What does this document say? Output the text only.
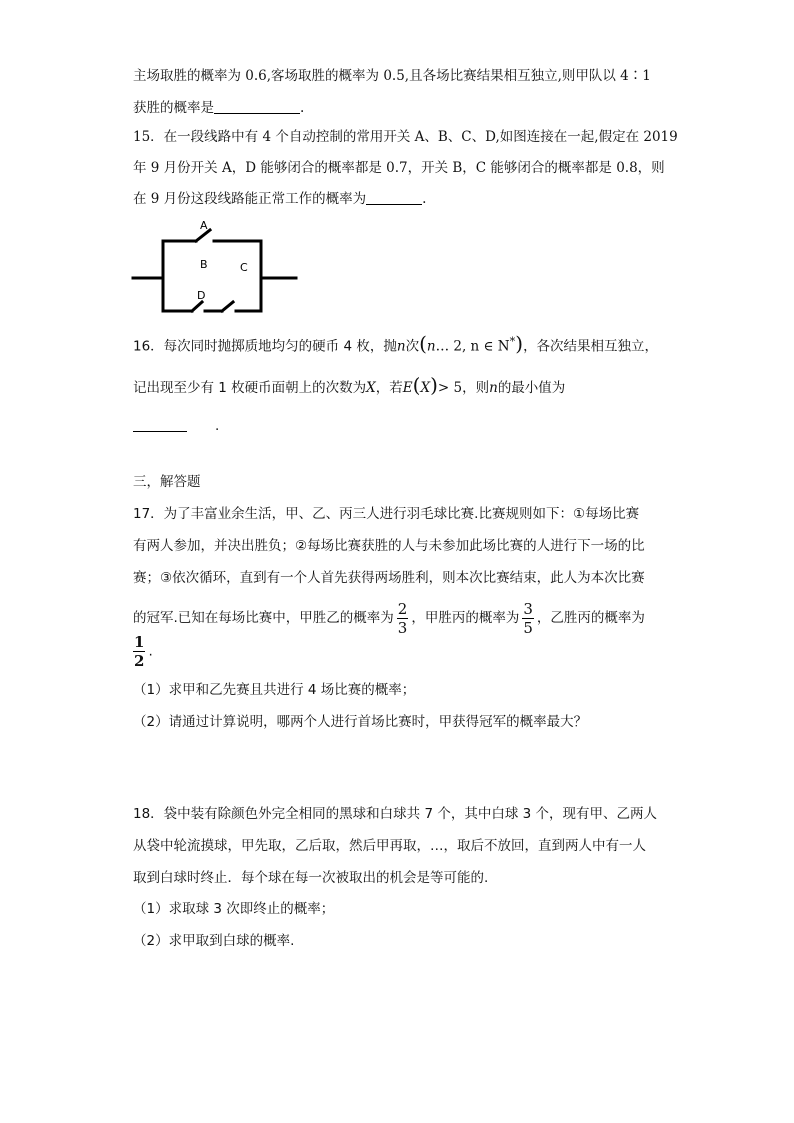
主场取胜的概率为 0.6,客场取胜的概率为 0.5,且各场比赛结果相互独立,则甲队以 4∶1
获胜的概率是	.
15．在一段线路中有 4 个自动控制的常用开关 A、B、C、D,如图连接在一起,假定在 2019
年 9 月份开关 A，D 能够闭合的概率都是 0.7，开关 B，C 能够闭合的概率都是 0.8，则
在 9 月份这段线路能正常工作的概率为	.
A
B	C
D
16．每次同时抛掷质地均匀的硬币 4 枚，抛n次(n… 2, n ∈ N*)，各次结果相互独立，
记出现至少有 1 枚硬币面朝上的次数为X，若E(X)> 5，则n的最小值为
.
三，解答题
17．为了丰富业余生活，甲、乙、丙三人进行羽毛球比赛.比赛规则如下：①每场比赛
有两人参加，并决出胜负；②每场比赛获胜的人与未参加此场比赛的人进行下一场的比
赛；③依次循环，直到有一个人首先获得两场胜利，则本次比赛结束，此人为本次比赛
的冠军.已知在每场比赛中，甲胜乙的概率为 $\frac{2}{3}$ ，甲胜丙的概率为 $\frac{3}{5}$ ，乙胜丙的概率为
$\frac{1}{2}$ .
（1）求甲和乙先赛且共进行 4 场比赛的概率；
（2）请通过计算说明，哪两个人进行首场比赛时，甲获得冠军的概率最大？
18．袋中装有除颜色外完全相同的黑球和白球共 7 个，其中白球 3 个，现有甲、乙两人
从袋中轮流摸球，甲先取，乙后取，然后甲再取，…，取后不放回，直到两人中有一人
取到白球时终止．每个球在每一次被取出的机会是等可能的.
（1）求取球 3 次即终止的概率；
（2）求甲取到白球的概率.
